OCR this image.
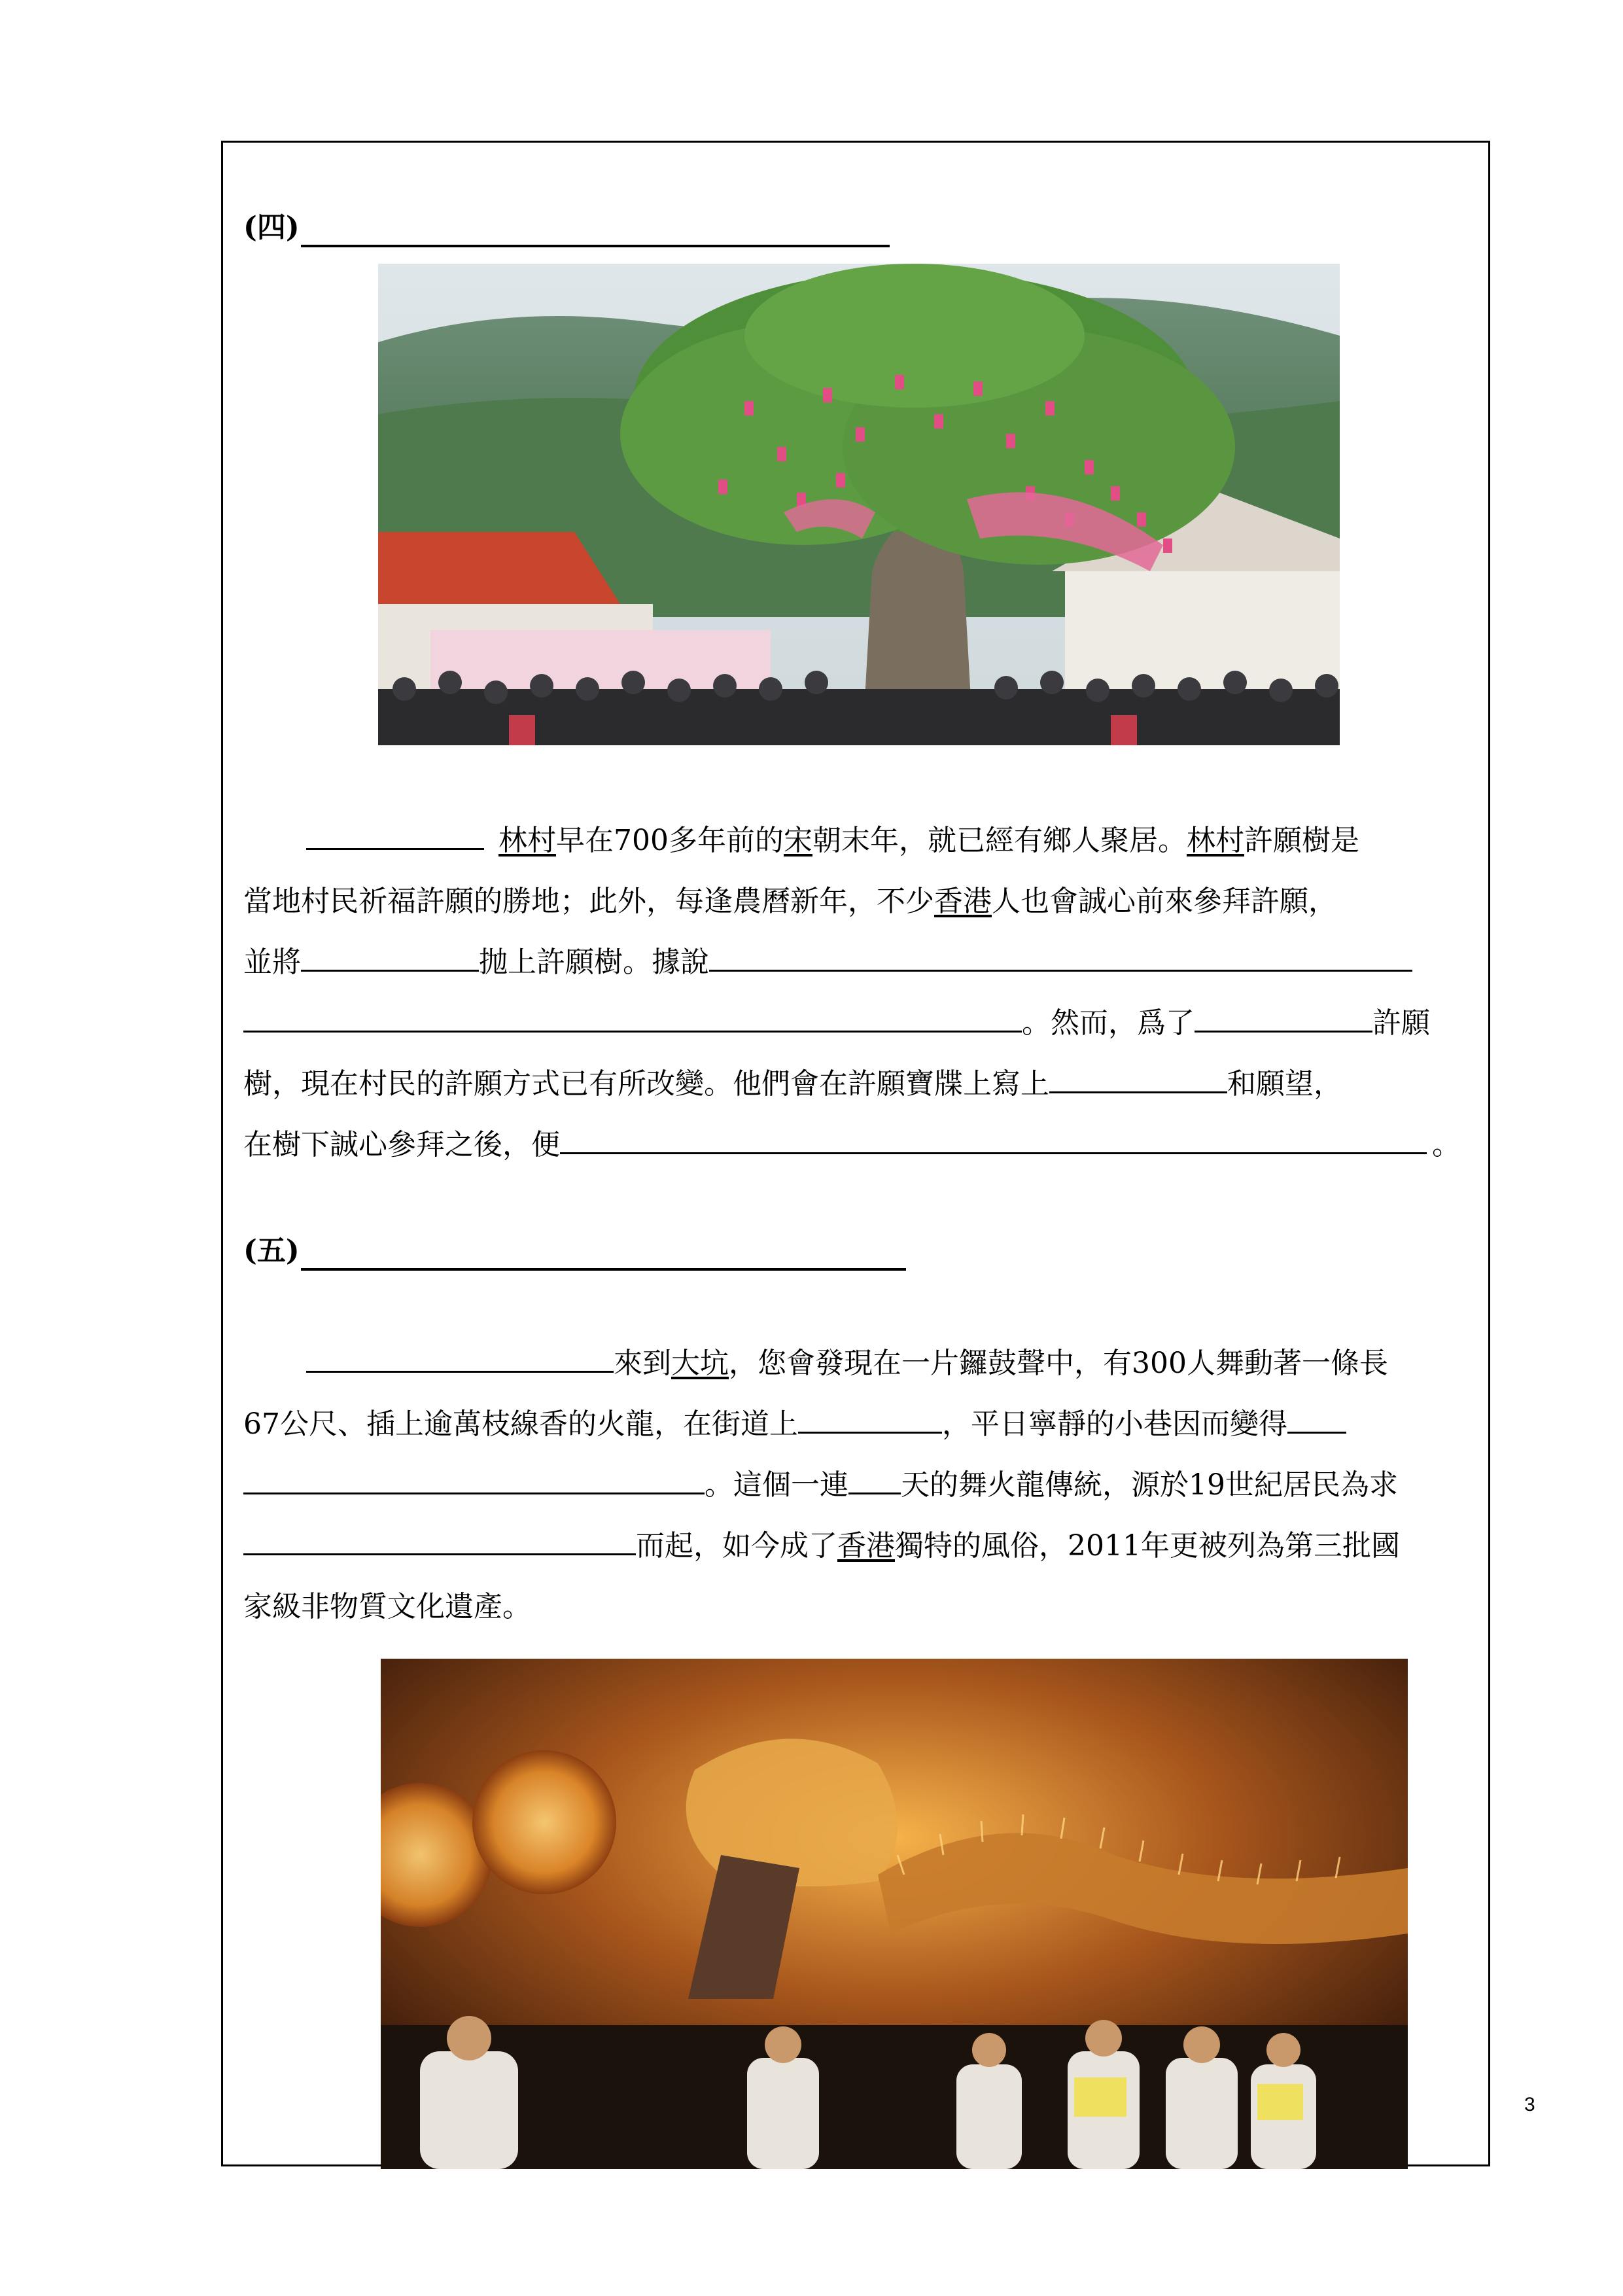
(四)
林村 早在700多年前的 宋 朝末年，就已經有鄉人聚居。 林村 許願樹是
當地村民祈福許願的勝地；此外，每逢農曆新年，不少 香港 人也會誠心前來參拜許願，
並將	抛上許願樹。據說
。然而，爲了	許願
樹，現在村民的許願方式已有所改變。他們會在許願寶牒上寫上	和願望，
在樹下誠心參拜之後，便	。
(五)
來到 大坑 ，您會發現在一片鑼鼓聲中，有300人舞動著一條長
67公尺、插上逾萬枝線香的火龍，在街道上	，平日寧靜的小巷因而變得
。這個一連 天的舞火龍傳統，源於19世紀居民為求
而起，如今成了 香港 獨特的風俗，2011年更被列為第三批國
家級非物質文化遺產。
3
